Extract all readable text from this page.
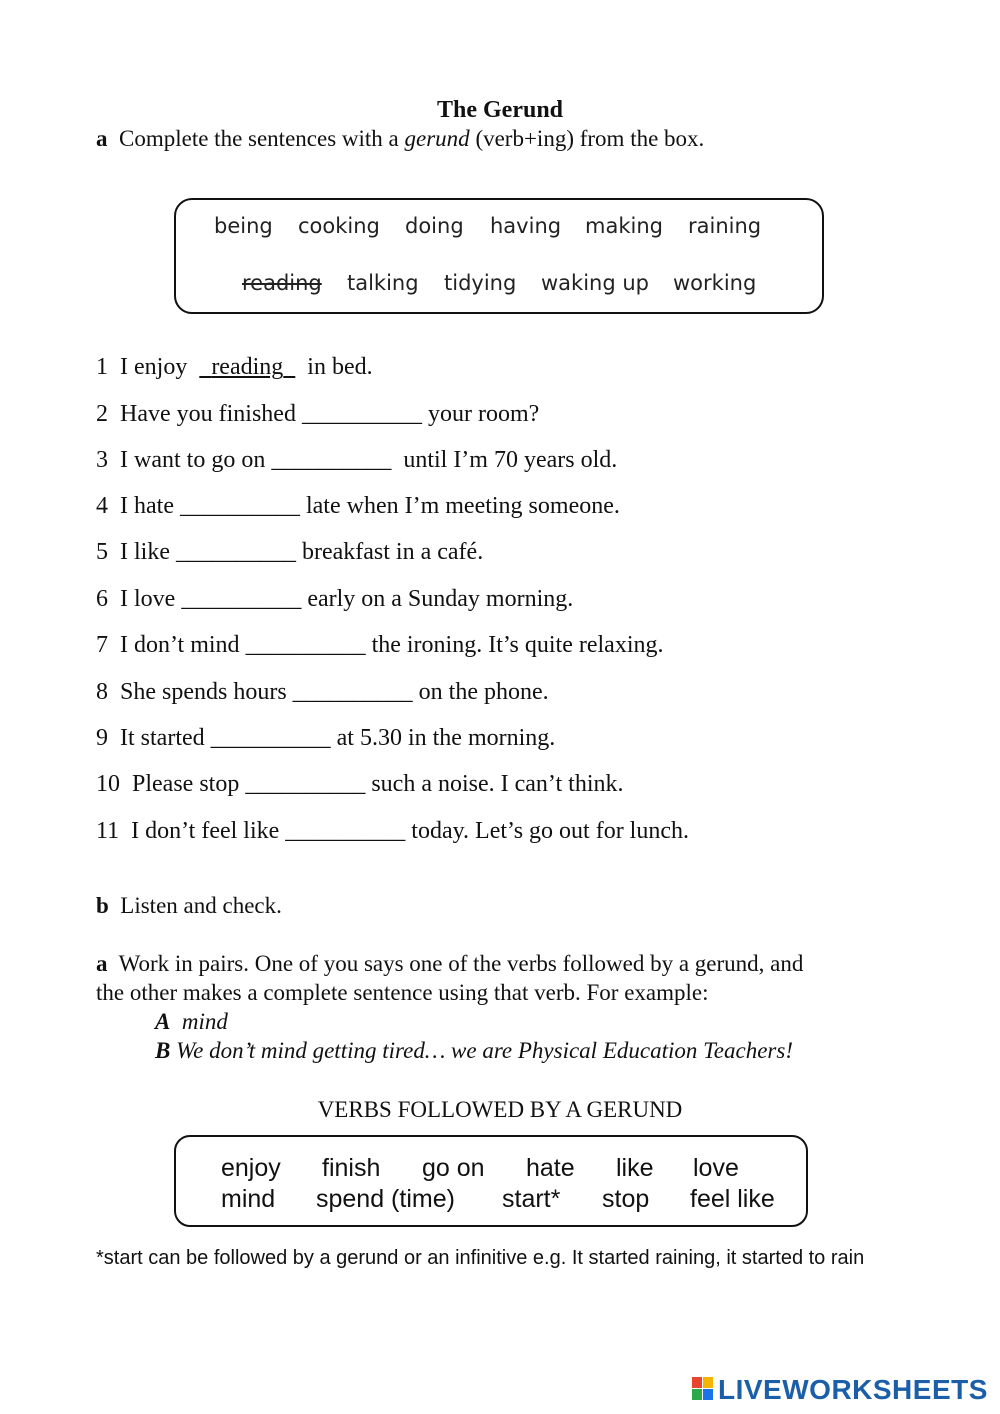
The Gerund
a Complete the sentences with a gerund (verb+ing) from the box.
being cooking doing having making raining
reading talking tidying waking up working
1 I enjoy reading in bed.
2 Have you finished __________ your room?
3 I want to go on __________ until I’m 70 years old.
4 I hate __________ late when I’m meeting someone.
5 I like __________ breakfast in a café.
6 I love __________ early on a Sunday morning.
7 I don’t mind __________ the ironing. It’s quite relaxing.
8 She spends hours __________ on the phone.
9 It started __________ at 5.30 in the morning.
10 Please stop __________ such a noise. I can’t think.
11 I don’t feel like __________ today. Let’s go out for lunch.
b Listen and check.
a Work in pairs. One of you says one of the verbs followed by a gerund, and
the other makes a complete sentence using that verb. For example:
A mind
B We don’t mind getting tired… we are Physical Education Teachers!
VERBS FOLLOWED BY A GERUND
enjoy finish go on hate like love
mind spend (time) start* stop feel like
*start can be followed by a gerund or an infinitive e.g. It started raining, it started to rain
LIVEWORKSHEETS
